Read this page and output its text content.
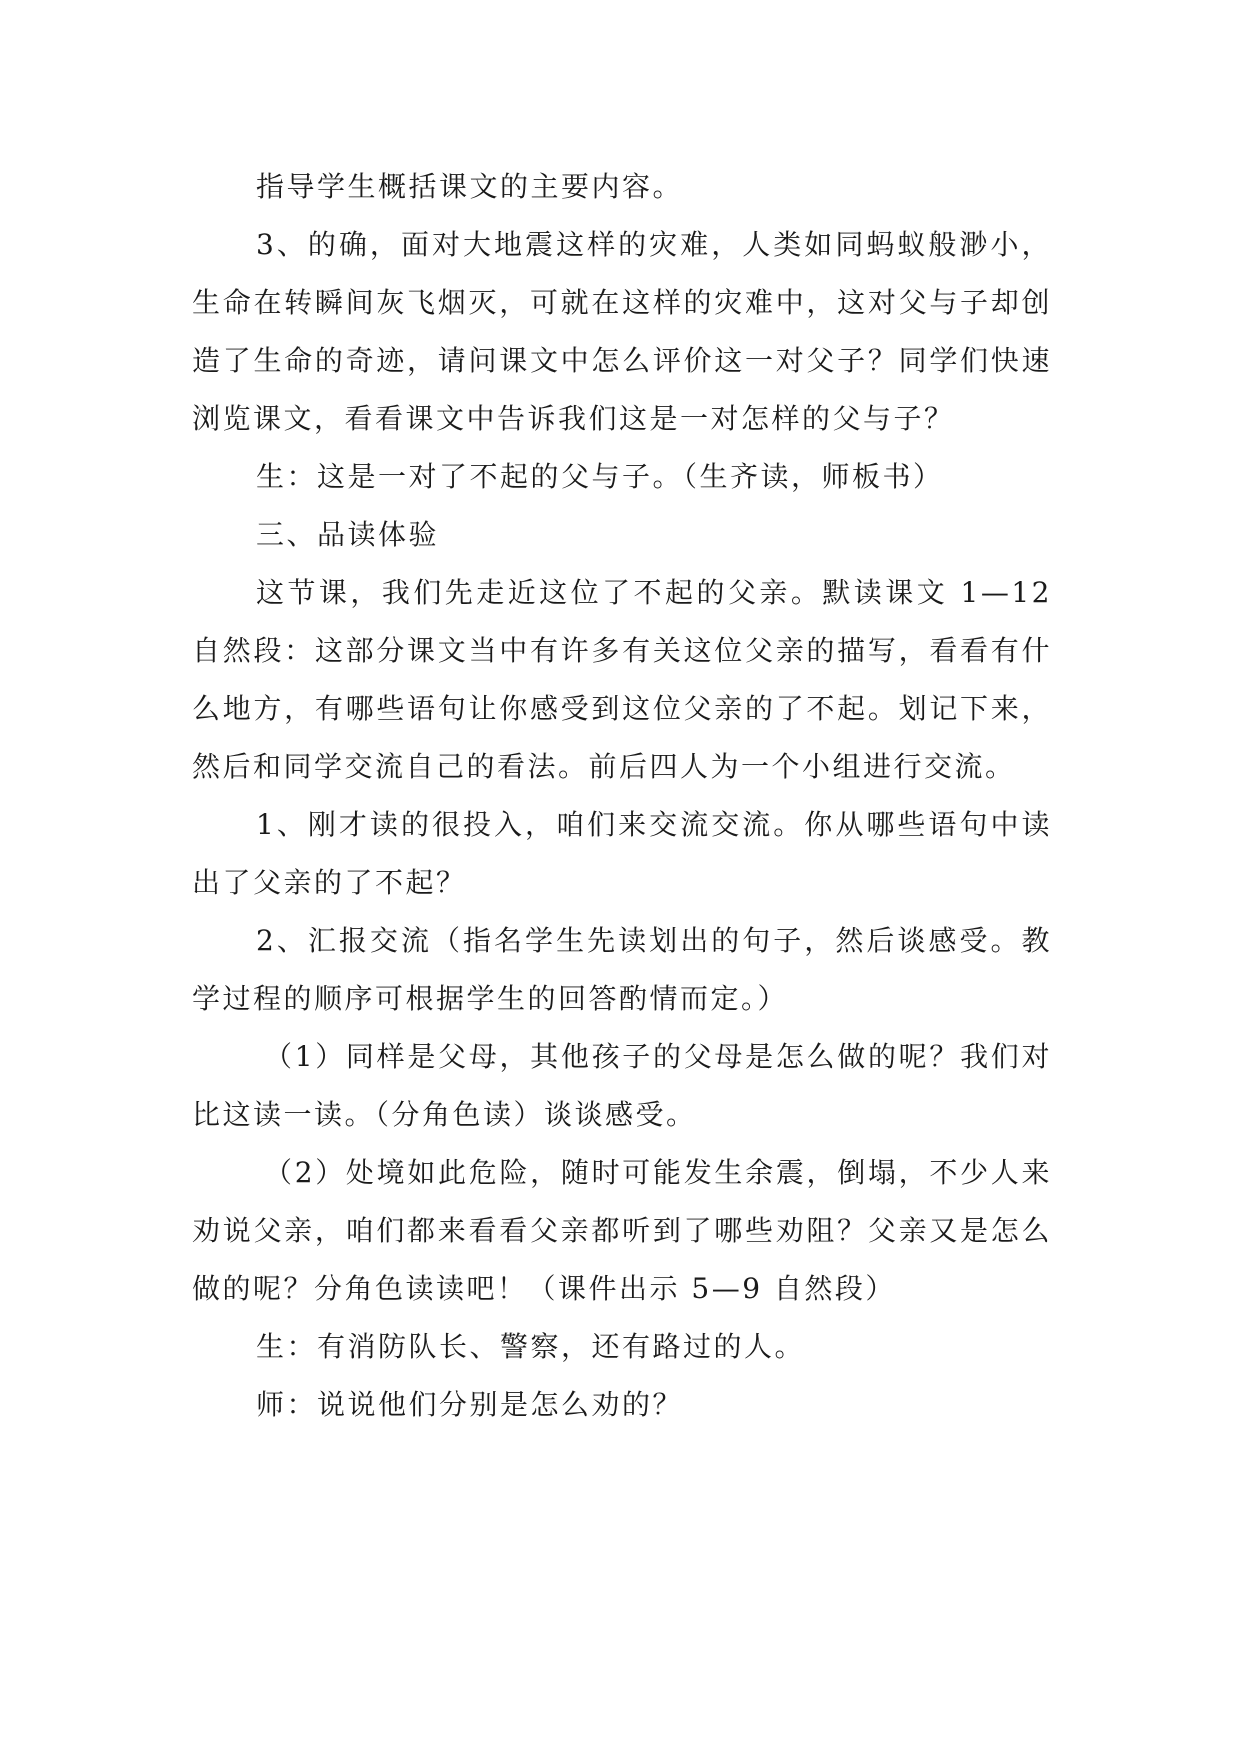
指导学生概括课文的主要内容。

3、的确，面对大地震这样的灾难，人类如同蚂蚁般渺小，生命在转瞬间灰飞烟灭，可就在这样的灾难中，这对父与子却创造了生命的奇迹，请问课文中怎么评价这一对父子？同学们快速浏览课文，看看课文中告诉我们这是一对怎样的父与子？

生：这是一对了不起的父与子。（生齐读，师板书）

三、品读体验

这节课，我们先走近这位了不起的父亲。默读课文 1—12 自然段：这部分课文当中有许多有关这位父亲的描写，看看有什么地方，有哪些语句让你感受到这位父亲的了不起。划记下来，然后和同学交流自己的看法。前后四人为一个小组进行交流。

1、刚才读的很投入，咱们来交流交流。你从哪些语句中读出了父亲的了不起？

2、汇报交流（指名学生先读划出的句子，然后谈感受。教学过程的顺序可根据学生的回答酌情而定。）

（1）同样是父母，其他孩子的父母是怎么做的呢？我们对比这读一读。（分角色读）谈谈感受。

（2）处境如此危险，随时可能发生余震，倒塌，不少人来劝说父亲，咱们都来看看父亲都听到了哪些劝阻？父亲又是怎么做的呢？分角色读读吧！（课件出示 5—9 自然段）

生：有消防队长、警察，还有路过的人。

师：说说他们分别是怎么劝的？
